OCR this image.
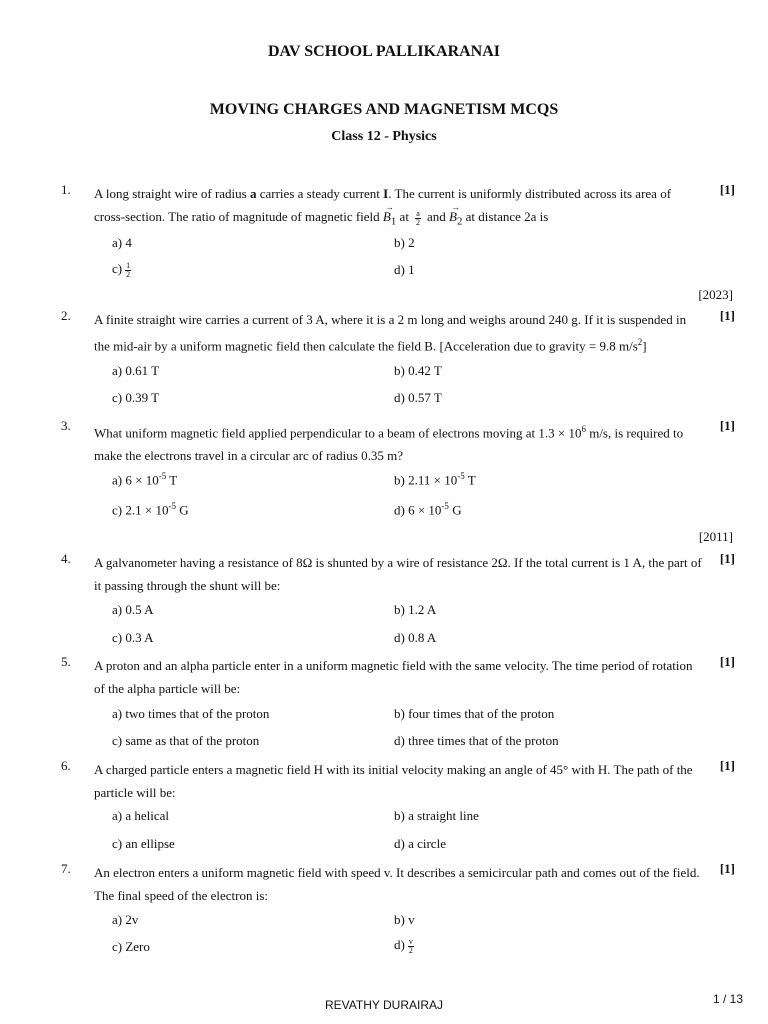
DAV SCHOOL PALLIKARANAI
MOVING CHARGES AND MAGNETISM MCQS
Class 12 - Physics
1. A long straight wire of radius a carries a steady current I. The current is uniformly distributed across its area of cross-section. The ratio of magnitude of magnetic field → $B_1$ at $\frac{a}{2}$ and → $B_2$ at distance 2a is
[1]
a) 4	b) 2
$c) \frac{1}{2}$	d) 1
[2023]
2. A finite straight wire carries a current of 3 A, where it is a 2 m long and weighs around 240 g. If it is suspended in the mid-air by a uniform magnetic field then calculate the field B. [Acceleration due to gravity = 9.8 $m/s^2$]
[1]
a) 0.61 T	b) 0.42 T
c) 0.39 T	d) 0.57 T
3. What uniform magnetic field applied perpendicular to a beam of electrons moving at $1.3 \times 10^6$ m/s, is required to make the electrons travel in a circular arc of radius 0.35 m?
[1]
a) $6 \times 10^{-5}$ T	b) $2.11 \times 10^{-5}$ T
c) $2.1 \times 10^{-5}$ G	d) $6 \times 10^{-5}$ G
[2011]
4. A galvanometer having a resistance of 8Ω is shunted by a wire of resistance 2Ω. If the total current is 1 A, the part of it passing through the shunt will be:
[1]
a) 0.5 A	b) 1.2 A
c) 0.3 A	d) 0.8 A
5. A proton and an alpha particle enter in a uniform magnetic field with the same velocity. The time period of rotation of the alpha particle will be:
[1]
a) two times that of the proton	b) four times that of the proton
c) same as that of the proton	d) three times that of the proton
6. A charged particle enters a magnetic field H with its initial velocity making an angle of 45° with H. The path of the particle will be:
[1]
a) a helical	b) a straight line
c) an ellipse	d) a circle
7. An electron enters a uniform magnetic field with speed v. It describes a semicircular path and comes out of the field. The final speed of the electron is:
[1]
a) 2v	b) v
c) Zero	$d) \frac{v}{2}$
REVATHY DURAIRAJ	1 / 13
